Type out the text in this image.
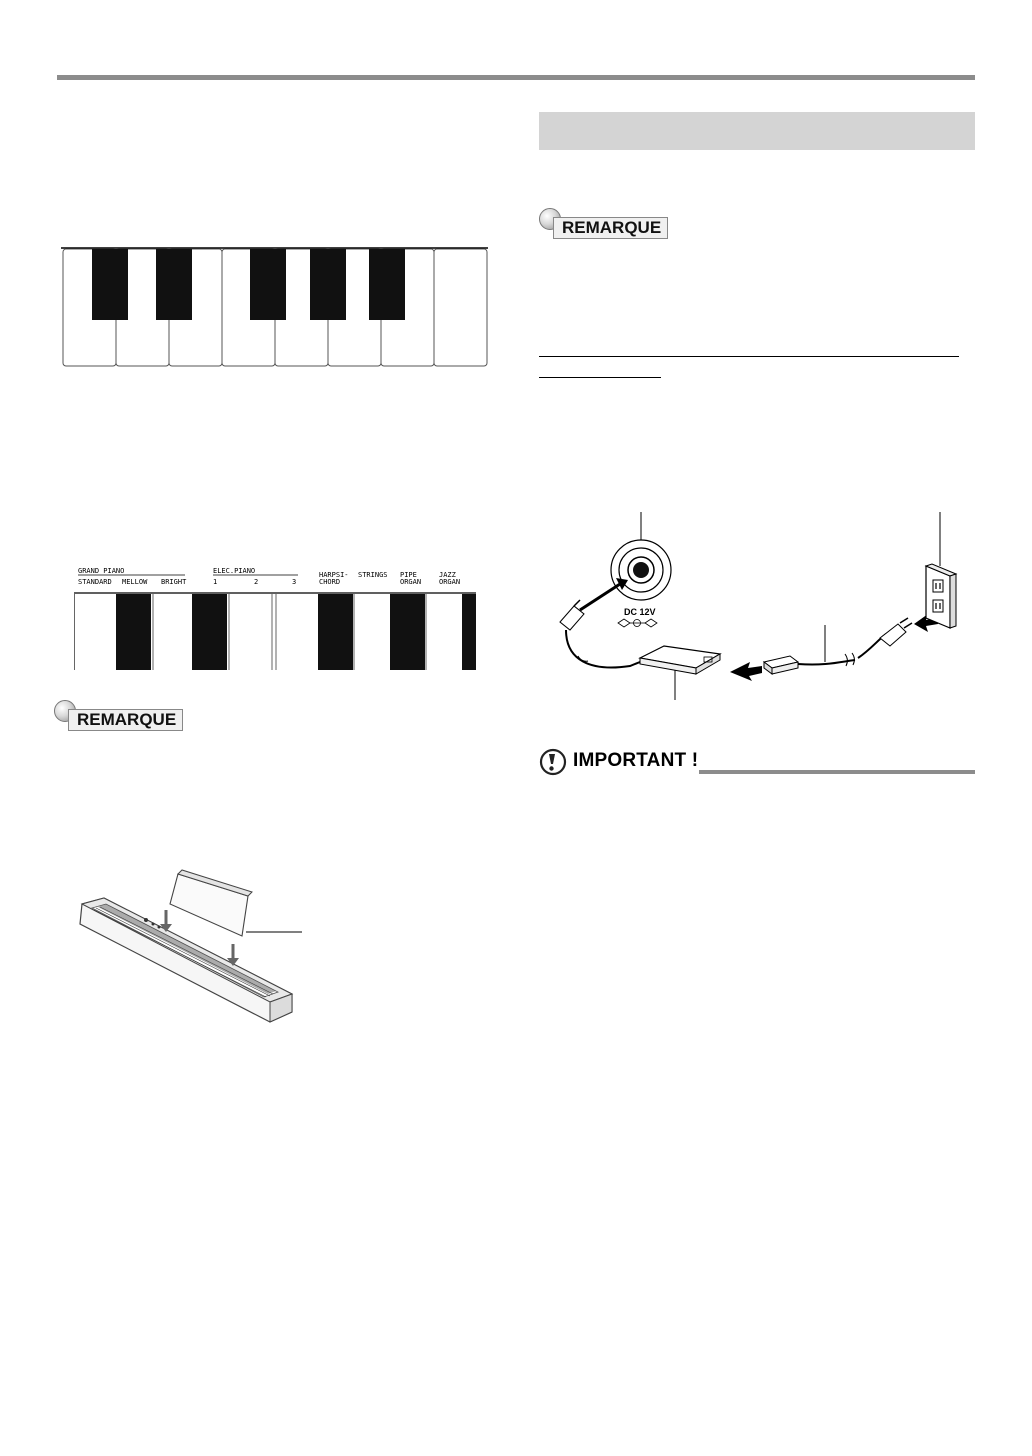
GRAND PIANO	ELEC.PIANO
STANDARD MELLOW BRIGHT	1	2	3
HARPSI-
CHORD
STRINGS PIPE
ORGAN
JAZZ
ORGAN
REMARQUE
REMARQUE
DC 12V
IMPORTANT !
